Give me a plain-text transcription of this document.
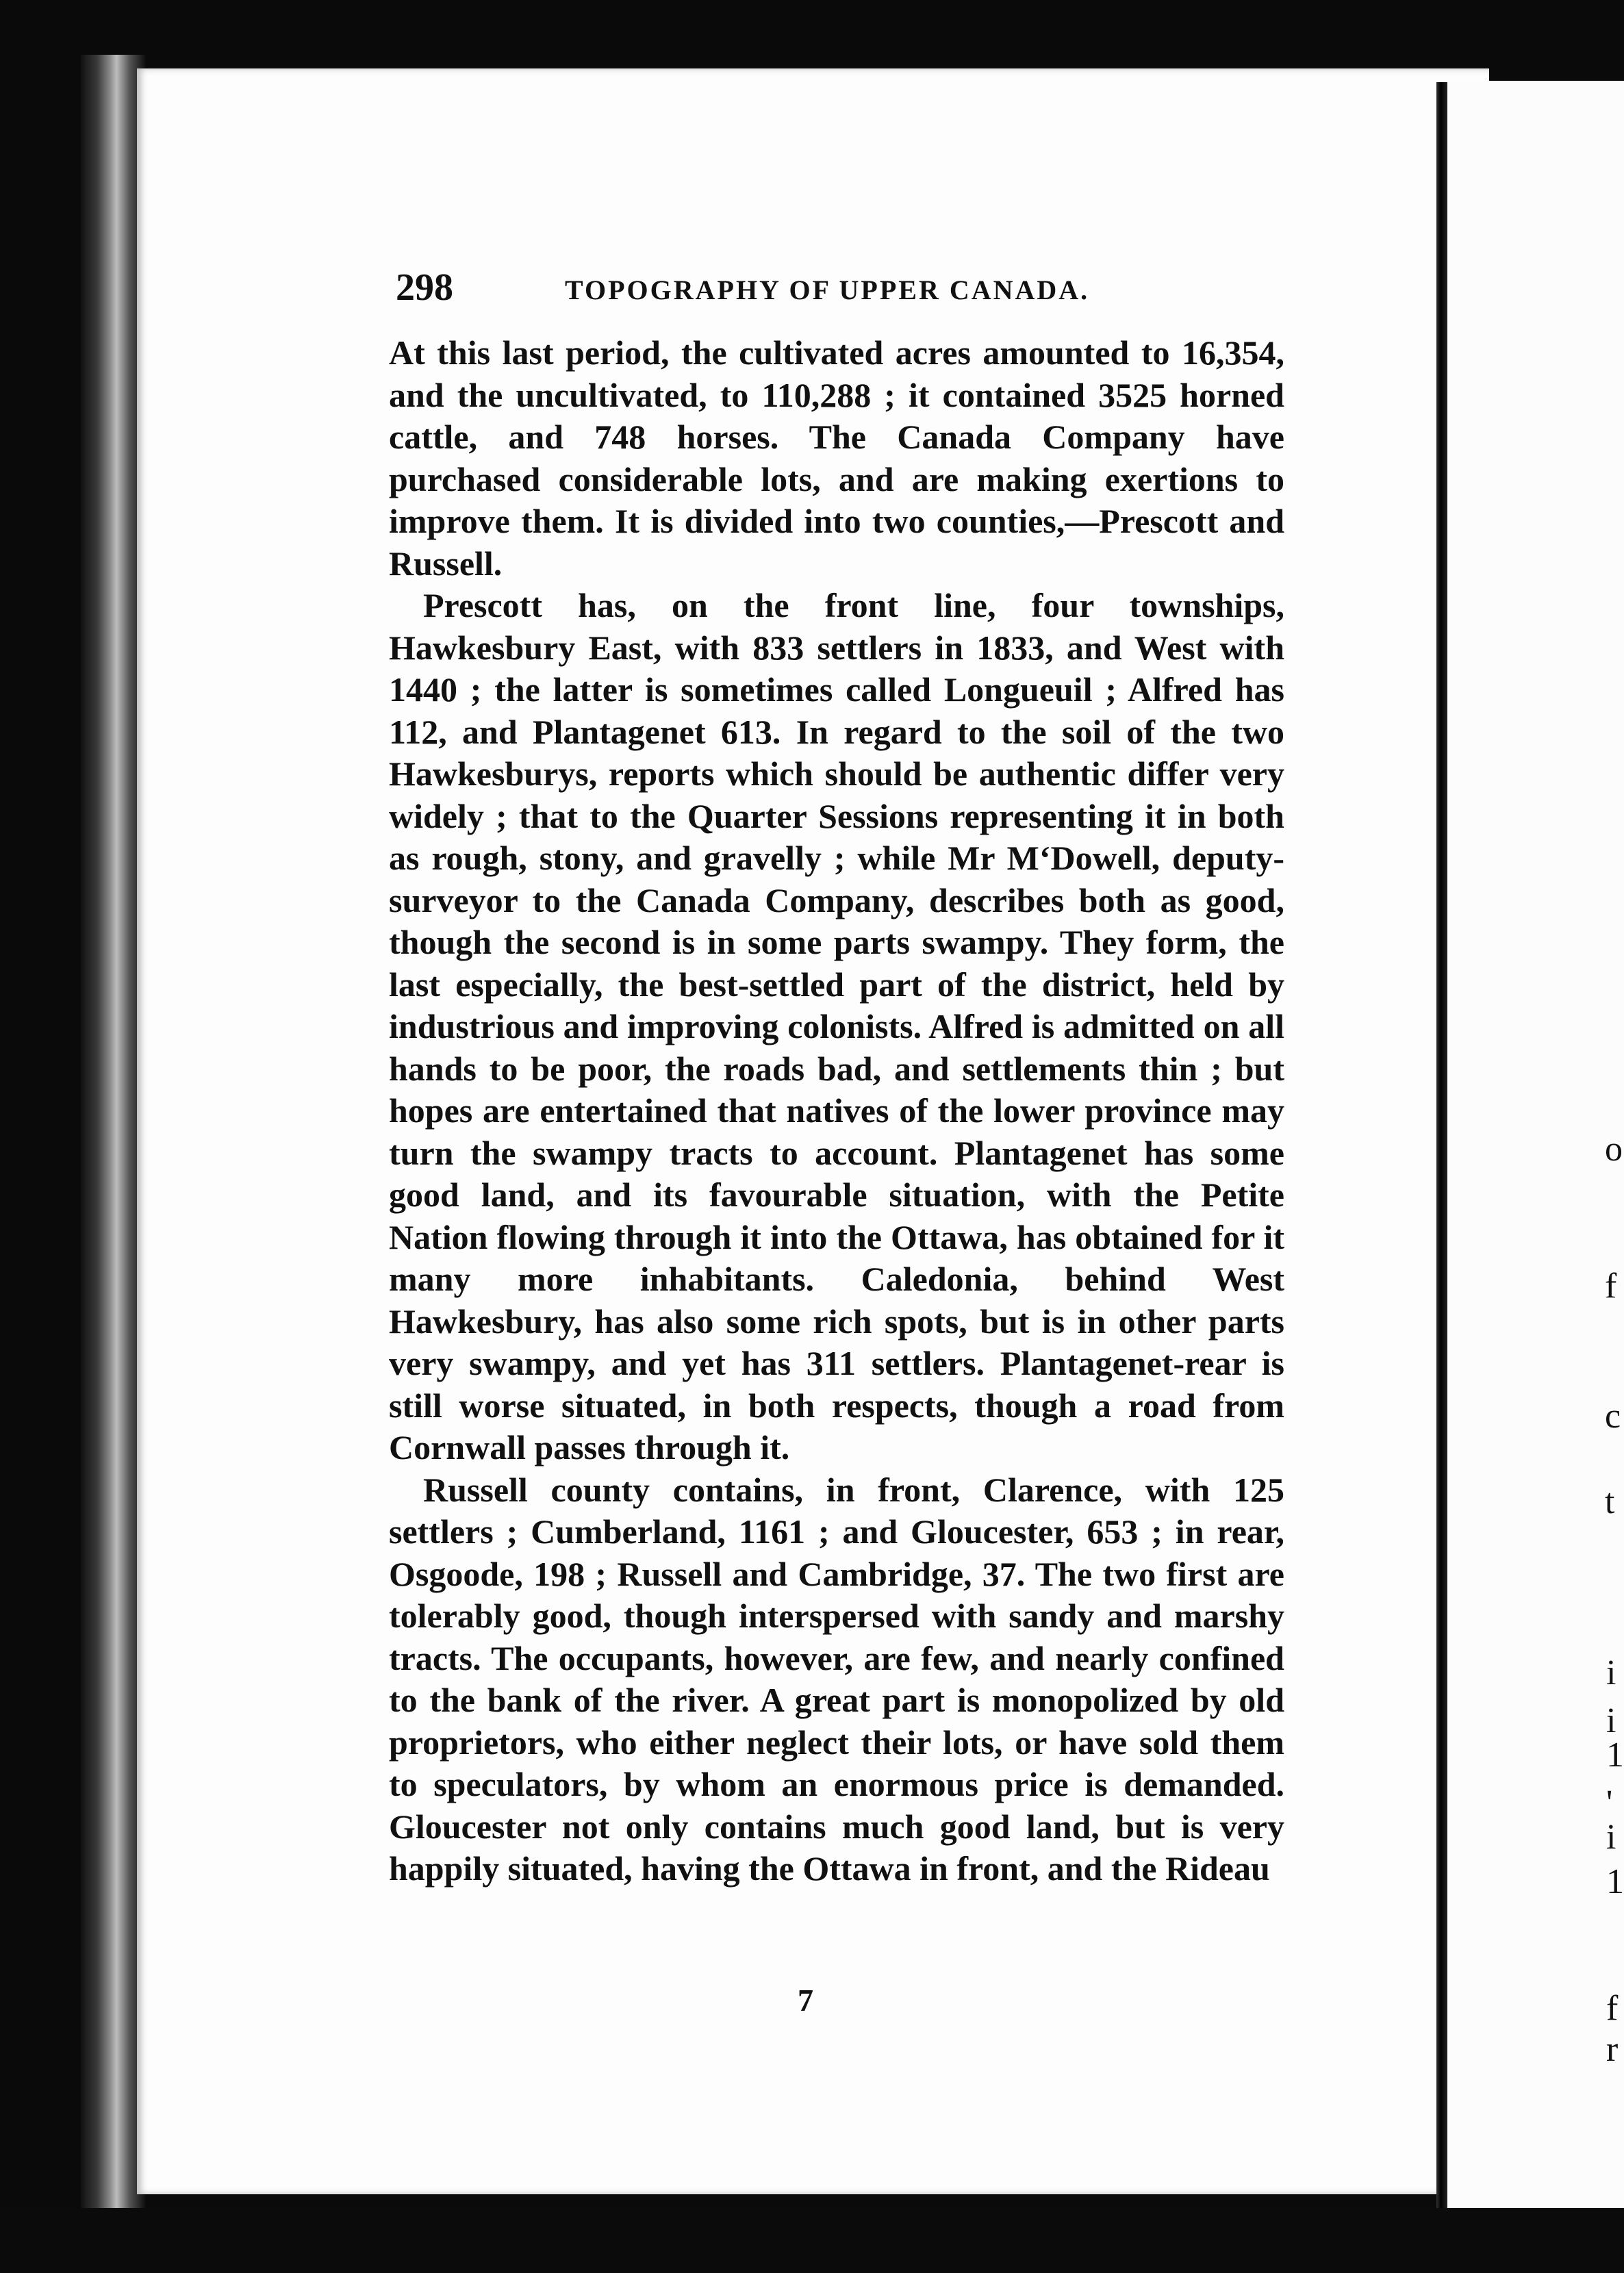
o
f
c
t
i
i
1
'
i
1
f
r
298	TOPOGRAPHY OF UPPER CANADA.

At this last period, the cultivated acres amounted to 16,354, and the uncultivated, to 110,288 ; it contained 3525 horned cattle, and 748 horses. The Canada Company have purchased considerable lots, and are making exertions to improve them. It is divided into two counties,—Prescott and Russell.

Prescott has, on the front line, four townships, Hawkesbury East, with 833 settlers in 1833, and West with 1440 ; the latter is sometimes called Longueuil ; Alfred has 112, and Plantagenet 613. In regard to the soil of the two Hawkesburys, reports which should be authentic differ very widely ; that to the Quarter Sessions representing it in both as rough, stony, and gravelly ; while Mr M‘Dowell, deputy-surveyor to the Canada Company, describes both as good, though the second is in some parts swampy. They form, the last especially, the best-settled part of the district, held by industrious and improving colonists. Alfred is admitted on all hands to be poor, the roads bad, and settlements thin ; but hopes are entertained that natives of the lower province may turn the swampy tracts to account. Plantagenet has some good land, and its favourable situation, with the Petite Nation flowing through it into the Ottawa, has obtained for it many more inhabitants. Caledonia, behind West Hawkesbury, has also some rich spots, but is in other parts very swampy, and yet has 311 settlers. Plantagenet-rear is still worse situated, in both respects, though a road from Cornwall passes through it.

Russell county contains, in front, Clarence, with 125 settlers ; Cumberland, 1161 ; and Gloucester, 653 ; in rear, Osgoode, 198 ; Russell and Cambridge, 37. The two first are tolerably good, though interspersed with sandy and marshy tracts. The occupants, however, are few, and nearly confined to the bank of the river. A great part is monopolized by old proprietors, who either neglect their lots, or have sold them to speculators, by whom an enormous price is demanded. Gloucester not only contains much good land, but is very happily situated, having the Ottawa in front, and the Rideau

7
